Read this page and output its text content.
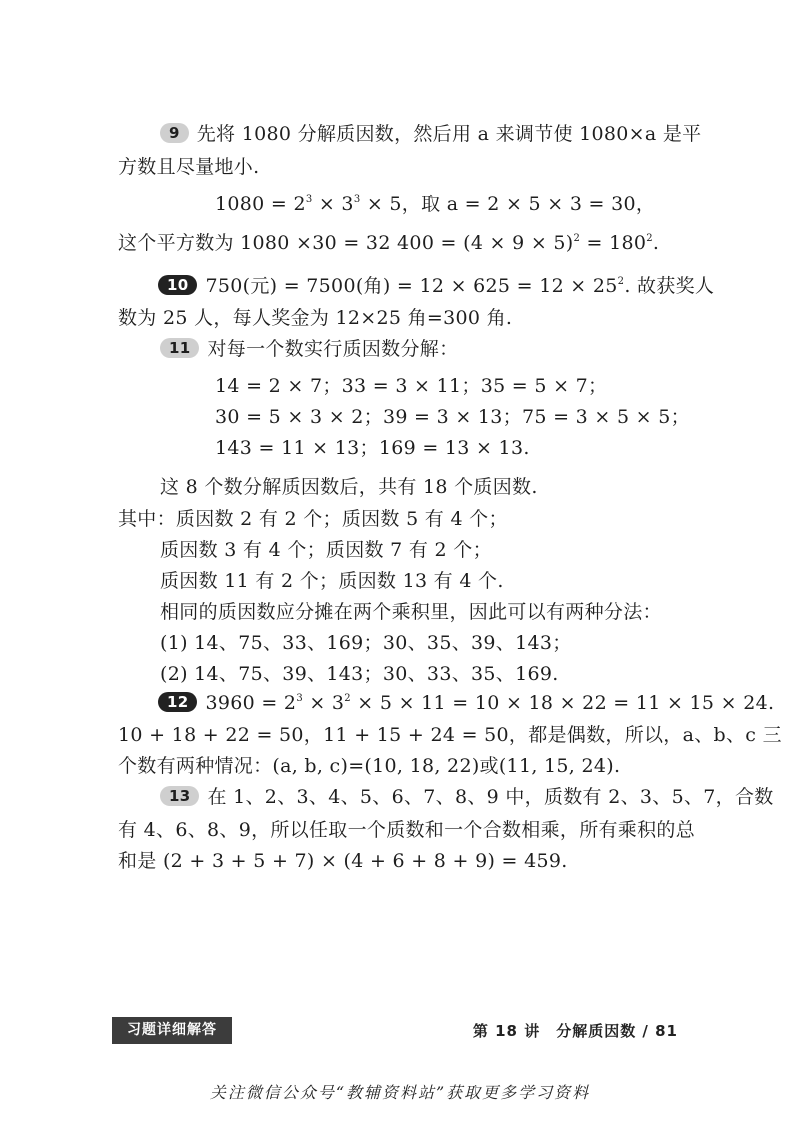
9 先将 1080 分解质因数，然后用 a 来调节使 1080×a 是平
方数且尽量地小.
$1080 = 2^3 \times 3^3 \times 5$，取 a = 2 × 5 × 3 = 30，
这个平方数为 1080 ×30 = 32 $400 = (4 \times 9 \times 5)^2 = 180^2$.
10 750(元) = 7500(角) = $12 \times 625 = 12 \times 25^2$. 故获奖人
数为 25 人，每人奖金为 12×25 角=300 角.
11 对每一个数实行质因数分解：
14 = 2 × 7；33 = 3 × 11；35 = 5 × 7；
30 = 5 × 3 × 2；39 = 3 × 13；75 = 3 × 5 × 5；
143 = 11 × 13；169 = 13 × 13.
这 8 个数分解质因数后，共有 18 个质因数.
其中：质因数 2 有 2 个；质因数 5 有 4 个；
质因数 3 有 4 个；质因数 7 有 2 个；
质因数 11 有 2 个；质因数 13 有 4 个.
相同的质因数应分摊在两个乘积里，因此可以有两种分法：
(1) 14、75、33、169；30、35、39、143；
(2) 14、75、39、143；30、33、35、169.
12 $3960 = 2^3 \times 3^2 \times 5 \times 11 = 10 \times 18 \times 22 = 11 \times 15 \times 24$.
10 + 18 + 22 = 50，11 + 15 + 24 = 50，都是偶数，所以，a、b、c 三
个数有两种情况：(a, b, c)=(10, 18, 22)或(11, 15, 24).
13 在 1、2、3、4、5、6、7、8、9 中，质数有 2、3、5、7，合数
有 4、6、8、9，所以任取一个质数和一个合数相乘，所有乘积的总
和是 (2 + 3 + 5 + 7) × (4 + 6 + 8 + 9) = 459.
习题详细解答	第 18 讲　分解质因数 / 81
关注微信公众号“教辅资料站”获取更多学习资料
